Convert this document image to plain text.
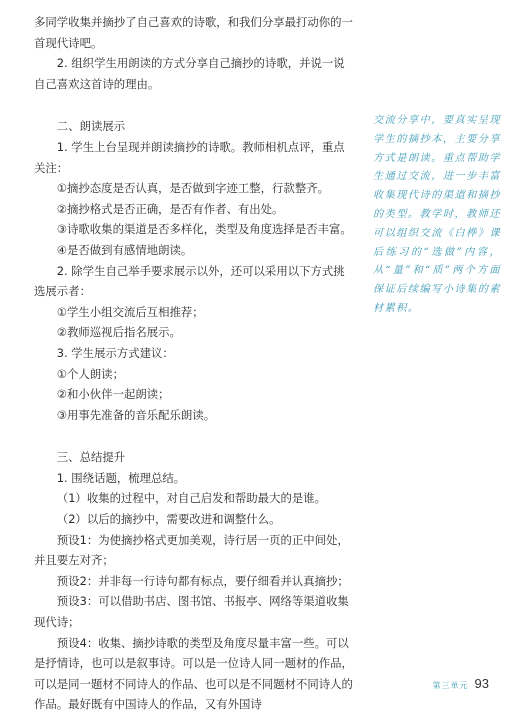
多同学收集并摘抄了自己喜欢的诗歌，和我们分享最打动你的一首现代诗吧。

2. 组织学生用朗读的方式分享自己摘抄的诗歌，并说一说自己喜欢这首诗的理由。

二、朗读展示

1. 学生上台呈现并朗读摘抄的诗歌。教师相机点评，重点关注：

①摘抄态度是否认真，是否做到字迹工整，行款整齐。

②摘抄格式是否正确，是否有作者、有出处。

③诗歌收集的渠道是否多样化，类型及角度选择是否丰富。

④是否做到有感情地朗读。

2. 除学生自己举手要求展示以外，还可以采用以下方式挑选展示者：

①学生小组交流后互相推荐；

②教师巡视后指名展示。

3. 学生展示方式建议：

①个人朗读；

②和小伙伴一起朗读；

③用事先准备的音乐配乐朗读。

三、总结提升

1. 围绕话题，梳理总结。

（1）收集的过程中，对自己启发和帮助最大的是谁。

（2）以后的摘抄中，需要改进和调整什么。

预设1：为使摘抄格式更加美观，诗行居一页的正中间处，并且要左对齐；

预设2：并非每一行诗句都有标点，要仔细看并认真摘抄；

预设3：可以借助书店、图书馆、书报亭、网络等渠道收集现代诗；

预设4：收集、摘抄诗歌的类型及角度尽量丰富一些。可以是抒情诗，也可以是叙事诗。可以是一位诗人同一题材的作品，可以是同一题材不同诗人的作品、也可以是不同题材不同诗人的作品。最好既有中国诗人的作品，又有外国诗

交流分享中，要真实呈现学生的摘抄本，主要分享方式是朗读。重点帮助学生通过交流，进一步丰富收集现代诗的渠道和摘抄的类型。教学时，教师还可以组织交流《白桦》课后练习的“选做”内容，从“量”和“质”两个方面保证后续编写小诗集的素材累积。

第三单元 93
